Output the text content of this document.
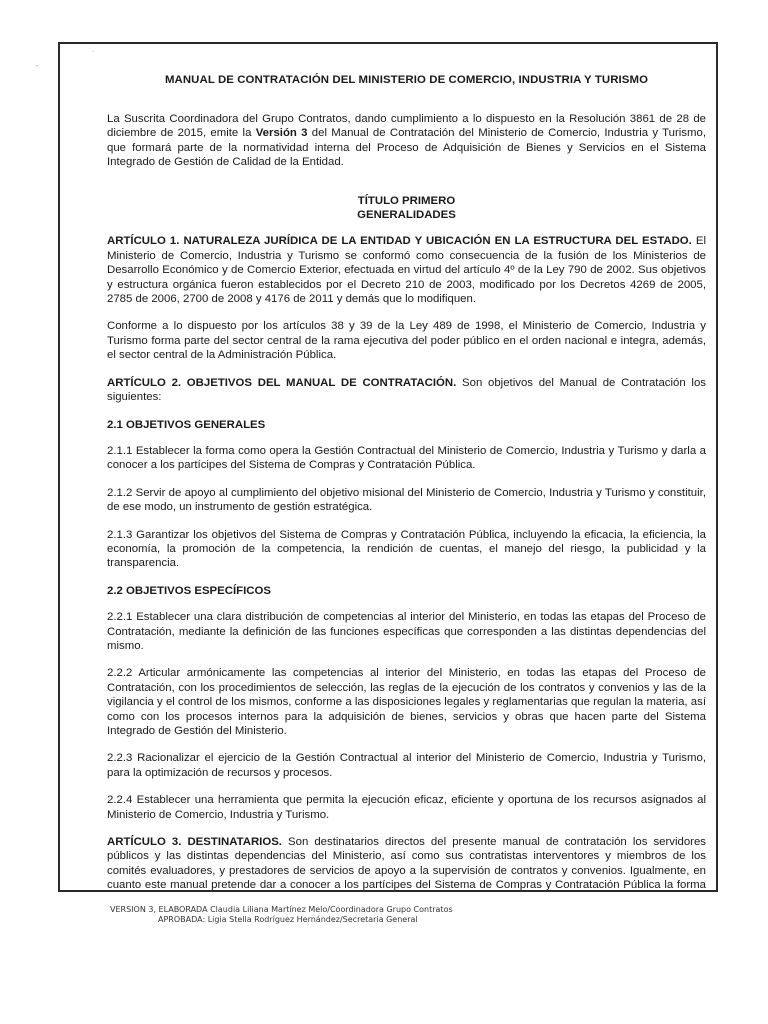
-
·
MANUAL DE CONTRATACIÓN DEL MINISTERIO DE COMERCIO, INDUSTRIA Y TURISMO

La Suscrita Coordinadora del Grupo Contratos, dando cumplimiento a lo dispuesto en la Resolución 3861 de 28 de diciembre de 2015, emite la Versión 3 del Manual de Contratación del Ministerio de Comercio, Industria y Turismo, que formará parte de la normatividad interna del Proceso de Adquisición de Bienes y Servicios en el Sistema Integrado de Gestión de Calidad de la Entidad.

TÍTULO PRIMERO
GENERALIDADES

ARTÍCULO 1. NATURALEZA JURÍDICA DE LA ENTIDAD Y UBICACIÓN EN LA ESTRUCTURA DEL ESTADO. El Ministerio de Comercio, Industria y Turismo se conformó como consecuencia de la fusión de los Ministerios de Desarrollo Económico y de Comercio Exterior, efectuada en virtud del artículo 4º de la Ley 790 de 2002. Sus objetivos y estructura orgánica fueron establecidos por el Decreto 210 de 2003, modificado por los Decretos 4269 de 2005, 2785 de 2006, 2700 de 2008 y 4176 de 2011 y demás que lo modifiquen.

Conforme a lo dispuesto por los artículos 38 y 39 de la Ley 489 de 1998, el Ministerio de Comercio, Industria y Turismo forma parte del sector central de la rama ejecutiva del poder público en el orden nacional e integra, además, el sector central de la Administración Pública.

ARTÍCULO 2. OBJETIVOS DEL MANUAL DE CONTRATACIÓN. Son objetivos del Manual de Contratación los siguientes:

2.1 OBJETIVOS GENERALES

2.1.1 Establecer la forma como opera la Gestión Contractual del Ministerio de Comercio, Industria y Turismo y darla a conocer a los partícipes del Sistema de Compras y Contratación Pública.

2.1.2 Servir de apoyo al cumplimiento del objetivo misional del Ministerio de Comercio, Industria y Turismo y constituir, de ese modo, un instrumento de gestión estratégica.

2.1.3 Garantizar los objetivos del Sistema de Compras y Contratación Pública, incluyendo la eficacia, la eficiencia, la economía, la promoción de la competencia, la rendición de cuentas, el manejo del riesgo, la publicidad y la transparencia.

2.2 OBJETIVOS ESPECÍFICOS

2.2.1 Establecer una clara distribución de competencias al interior del Ministerio, en todas las etapas del Proceso de Contratación, mediante la definición de las funciones específicas que corresponden a las distintas dependencias del mismo.

2.2.2 Articular armónicamente las competencias al interior del Ministerio, en todas las etapas del Proceso de Contratación, con los procedimientos de selección, las reglas de la ejecución de los contratos y convenios y las de la vigilancia y el control de los mismos, conforme a las disposiciones legales y reglamentarias que regulan la materia, así como con los procesos internos para la adquisición de bienes, servicios y obras que hacen parte del Sistema Integrado de Gestión del Ministerio.

2.2.3 Racionalizar el ejercicio de la Gestión Contractual al interior del Ministerio de Comercio, Industria y Turismo, para la optimización de recursos y procesos.

2.2.4 Establecer una herramienta que permita la ejecución eficaz, eficiente y oportuna de los recursos asignados al Ministerio de Comercio, Industria y Turismo.

ARTÍCULO 3. DESTINATARIOS. Son destinatarios directos del presente manual de contratación los servidores públicos y las distintas dependencias del Ministerio, así como sus contratistas interventores y miembros de los comités evaluadores, y prestadores de servicios de apoyo a la supervisión de contratos y convenios. Igualmente, en cuanto este manual pretende dar a conocer a los partícipes del Sistema de Compras y Contratación Pública la forma

VERSION 3, ELABORADA Claudia Liliana Martínez Melo/Coordinadora Grupo Contratos
APROBADA: Ligia Stella Rodríguez Hernández/Secretaria General
